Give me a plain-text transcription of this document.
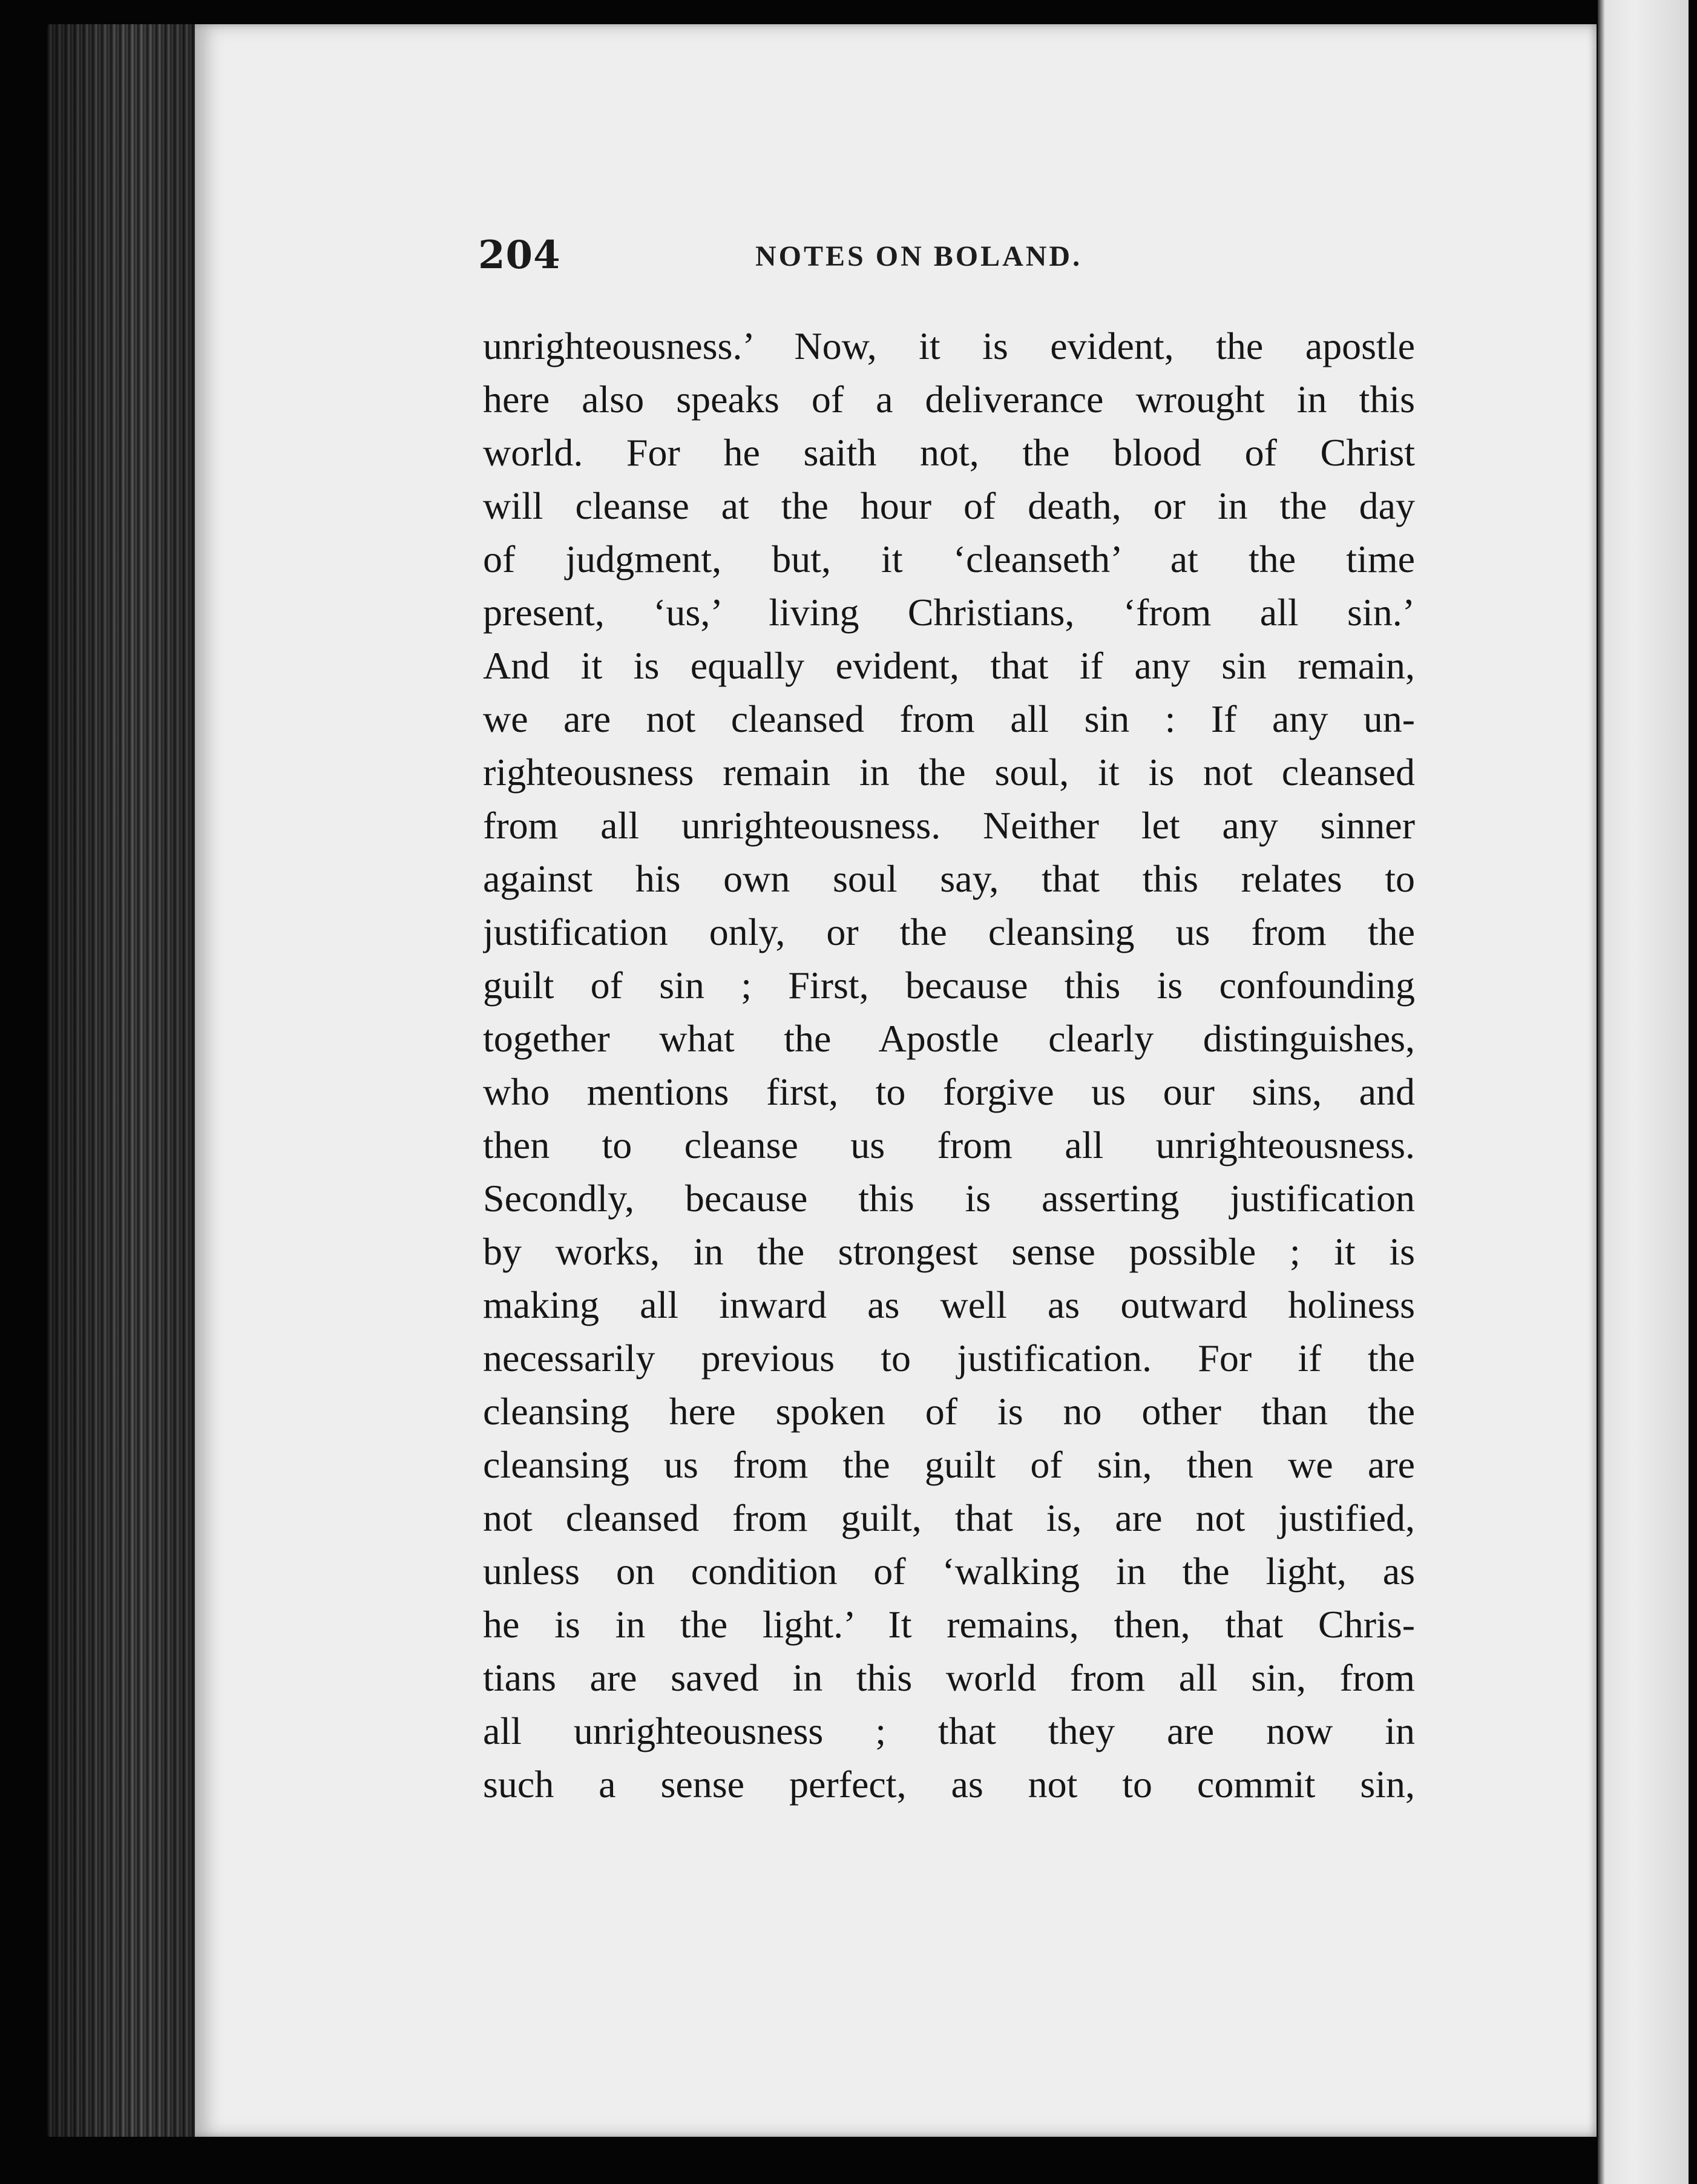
204	NOTES ON BOLAND.
unrighteousness.’ Now, it is evident, the apostle
here also speaks of a deliverance wrought in this
world. For he saith not, the blood of Christ
will cleanse at the hour of death, or in the day
of judgment, but, it ‘cleanseth’ at the time
present, ‘us,’ living Christians, ‘from all sin.’
And it is equally evident, that if any sin remain,
we are not cleansed from all sin : If any un-
righteousness remain in the soul, it is not cleansed
from all unrighteousness. Neither let any sinner
against his own soul say, that this relates to
justification only, or the cleansing us from the
guilt of sin ; First, because this is confounding
together what the Apostle clearly distinguishes,
who mentions first, to forgive us our sins, and
then to cleanse us from all unrighteousness.
Secondly, because this is asserting justification
by works, in the strongest sense possible ; it is
making all inward as well as outward holiness
necessarily previous to justification. For if the
cleansing here spoken of is no other than the
cleansing us from the guilt of sin, then we are
not cleansed from guilt, that is, are not justified,
unless on condition of ‘walking in the light, as
he is in the light.’ It remains, then, that Chris-
tians are saved in this world from all sin, from
all unrighteousness ; that they are now in
such a sense perfect, as not to commit sin,
